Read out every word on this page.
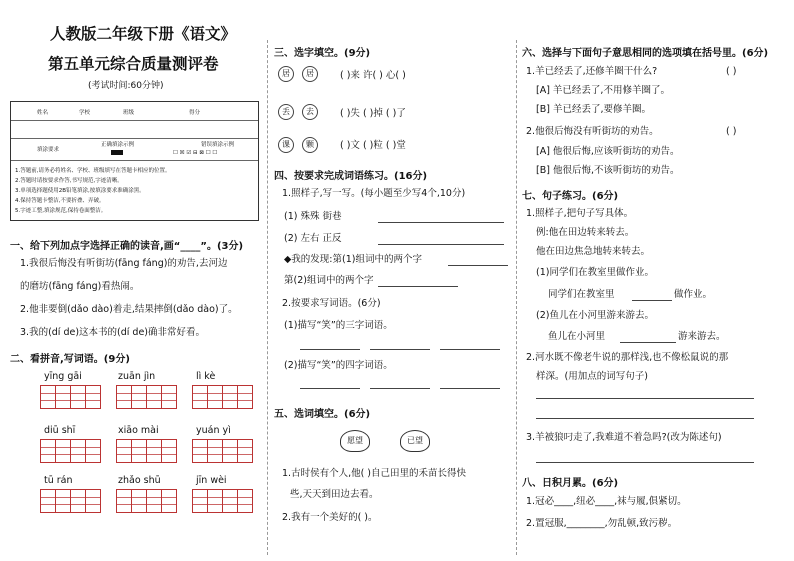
人教版二年级下册《语文》
第五单元综合质量测评卷
(考试时间:60分钟)
姓名	学校	班级	得分
填涂要求
正确填涂示例	错误填涂示例
☐ ☒ ☑ ⊟ ⊠ ☐ ☐
1.答题前,请务必将姓名、学校、班级填写在答题卡相应的位置。
2.答题时请按要求作答,书写规范,字迹清晰。
3.单项选择题使用2B铅笔填涂,按填涂要求准确涂黑。
4.保持答题卡整洁,不要折叠、弄破。
5.字迹工整,填涂规范,保持卷面整洁。
一、给下列加点字选择正确的读音,画“____”。(3分)
1.我很后悔没有听街坊(fāng fáng)的劝告,去河边
的磨坊(fāng fáng)看热闹。
2.他非要倒(dǎo dào)着走,结果摔倒(dǎo dào)了。
3.我的(dí de)这本书的(dí de)确非常好看。
二、看拼音,写词语。(9分)
yīng gāi	zuān jìn	lì kè
diū shī	xiāo mài	yuán yì
tū rán	zhǎo shū	jīn wèi
三、选字填空。(9分)
居	居	( )来 许( ) 心( )
丢	去	( )失 ( )掉 ( )了
课	颗	( )文 ( )粒 ( )堂
四、按要求完成词语练习。(16分)
1.照样子,写一写。(每小题至少写4个,10分)
(1) 殊殊 街巷
(2) 左右 正反
◆我的发现:第(1)组词中的两个字
第(2)组词中的两个字
2.按要求写词语。(6分)
(1)描写“笑”的三字词语。
(2)描写“笑”的四字词语。
五、选词填空。(6分)
愿望	已望
1.古时侯有个人,他( )自己田里的禾苗长得快
些,天天到田边去看。
2.我有一个美好的( )。
六、选择与下面句子意思相同的选项填在括号里。(6分)
1.羊已经丢了,还修羊圈干什么?	( )
[A] 羊已经丢了,不用修羊圈了。
[B] 羊已经丢了,要修羊圈。
2.他很后悔没有听街坊的劝告。	( )
[A] 他很后悔,应该听街坊的劝告。
[B] 他很后悔,不该听街坊的劝告。
七、句子练习。(6分)
1.照样子,把句子写具体。
例:他在田边转来转去。
他在田边焦急地转来转去。
(1)同学们在教室里做作业。
同学们在教室里	做作业。
(2)鱼儿在小河里游来游去。
鱼儿在小河里	游来游去。
2.河水既不像老牛说的那样浅,也不像松鼠说的那
样深。(用加点的词写句子)
3.羊被狼叼走了,我难道不着急吗?(改为陈述句)
八、日积月累。(6分)
1.冠必____,纽必____,袜与履,俱紧切。
2.置冠服,________,勿乱顿,致污秽。
